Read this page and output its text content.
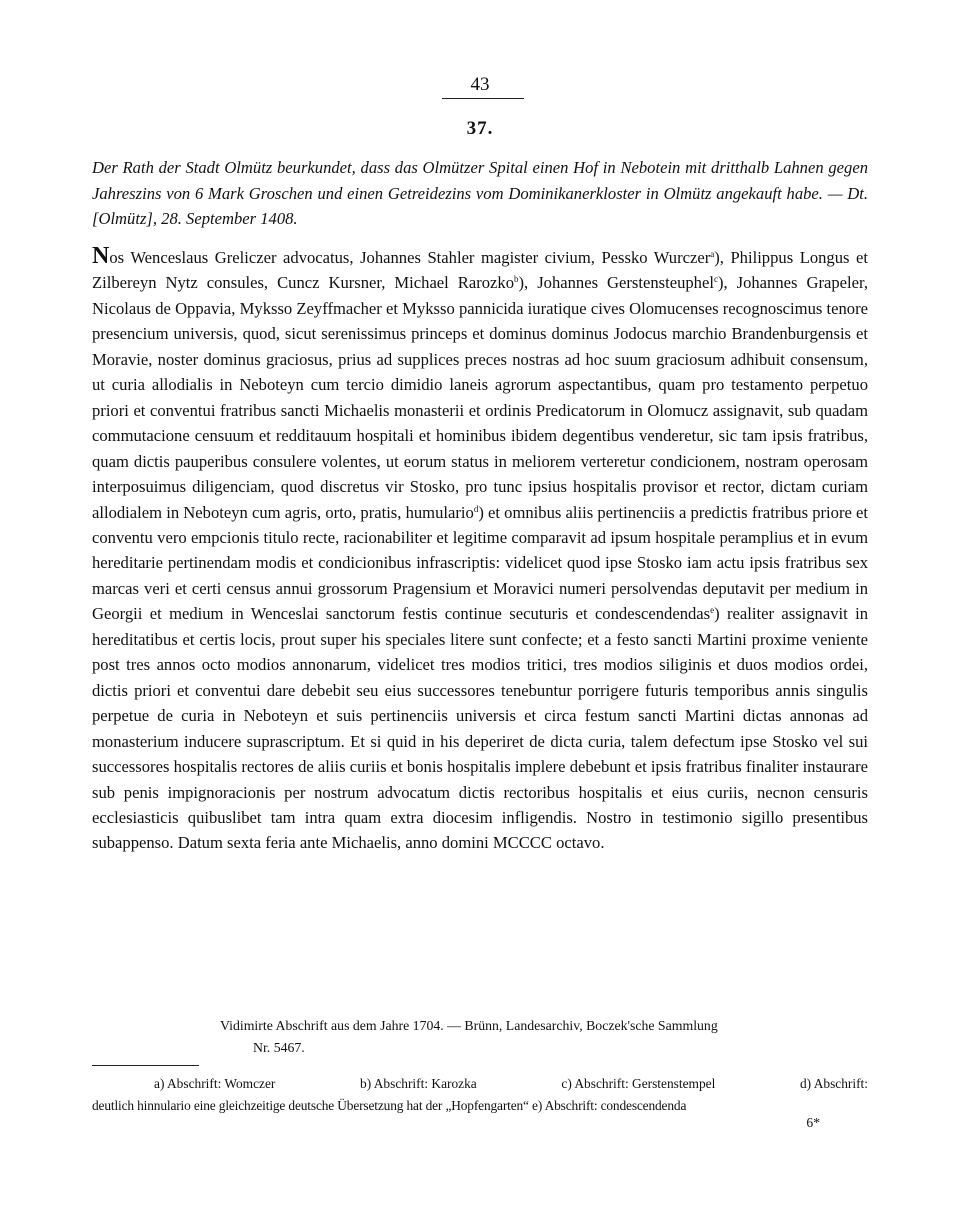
43
37.

Der Rath der Stadt Olmütz beurkundet, dass das Olmützer Spital einen Hof in Nebotein mit dritthalb Lahnen gegen Jahreszins von 6 Mark Groschen und einen Getreidezins vom Dominikanerkloster in Olmütz angekauft habe. — Dt. [Olmütz], 28. September 1408.

Nos Wenceslaus Greliczer advocatus, Johannes Stahler magister civium, Pessko Wurczer$^a$), Philippus Longus et Zilbereyn Nytz consules, Cuncz Kursner, Michael Rarozko$^b$), Johannes Gerstensteuphel$^c$), Johannes Grapeler, Nicolaus de Oppavia, Myksso Zeyffmacher et Myksso pannicida iuratique cives Olomucenses recognoscimus tenore presencium universis, quod, sicut serenissimus princeps et dominus dominus Jodocus marchio Brandenburgensis et Moravie, noster dominus graciosus, prius ad supplices preces nostras ad hoc suum graciosum adhibuit consensum, ut curia allodialis in Neboteyn cum tercio dimidio laneis agrorum aspectantibus, quam pro testamento perpetuo priori et conventui fratribus sancti Michaelis monasterii et ordinis Predicatorum in Olomucz assignavit, sub quadam commutacione censuum et redditauum hospitali et hominibus ibidem degentibus venderetur, sic tam ipsis fratribus, quam dictis pauperibus consulere volentes, ut eorum status in meliorem verteretur condicionem, nostram operosam interposuimus diligenciam, quod discretus vir Stosko, pro tunc ipsius hospitalis provisor et rector, dictam curiam allodialem in Neboteyn cum agris, orto, pratis, humulario$^d$) et omnibus aliis pertinenciis a predictis fratribus priore et conventu vero empcionis titulo recte, racionabiliter et legitime comparavit ad ipsum hospitale peramplius et in evum hereditarie pertinendam modis et condicionibus infrascriptis: videlicet quod ipse Stosko iam actu ipsis fratribus sex marcas veri et certi census annui grossorum Pragensium et Moravici numeri persolvendas deputavit per medium in Georgii et medium in Wenceslai sanctorum festis continue secuturis et condescendendas$^e$) realiter assignavit in hereditatibus et certis locis, prout super his speciales litere sunt confecte; et a festo sancti Martini proxime veniente post tres annos octo modios annonarum, videlicet tres modios tritici, tres modios siliginis et duos modios ordei, dictis priori et conventui dare debebit seu eius successores tenebuntur porrigere futuris temporibus annis singulis perpetue de curia in Neboteyn et suis pertinenciis universis et circa festum sancti Martini dictas annonas ad monasterium inducere suprascriptum. Et si quid in his deperiret de dicta curia, talem defectum ipse Stosko vel sui successores hospitalis rectores de aliis curiis et bonis hospitalis implere debebunt et ipsis fratribus finaliter instaurare sub penis impignoracionis per nostrum advocatum dictis rectoribus hospitalis et eius curiis, necnon censuris ecclesiasticis quibuslibet tam intra quam extra diocesim infligendis. Nostro in testimonio sigillo presentibus subappenso. Datum sexta feria ante Michaelis, anno domini MCCCC octavo.

Vidimirte Abschrift aus dem Jahre 1704. — Brünn, Landesarchiv, Boczek'sche Sammlung
Nr. 5467.

a) Abschrift: Womczer	b) Abschrift: Karozka	c) Abschrift: Gerstenstempel	d) Abschrift:
deutlich hinnulario eine gleichzeitige deutsche Übersetzung hat der „Hopfengarten“ e) Abschrift: condescendenda
6*
